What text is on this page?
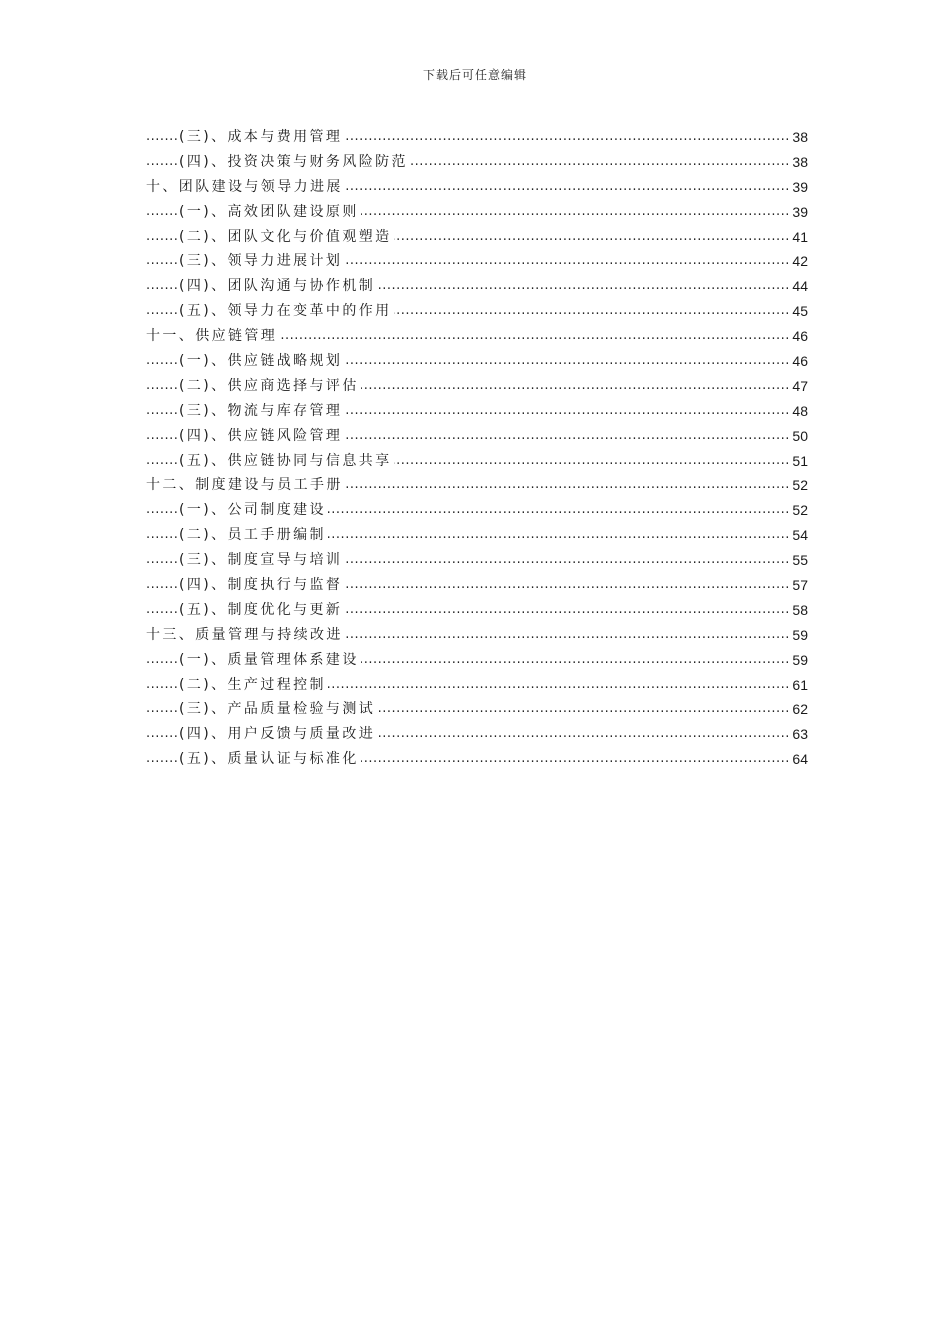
下载后可任意编辑
(三)、成本与费用管理	38
.....
(四)、投资决策与财务风险防范	38
.....
十、团队建设与领导力进展	39
.....
(一)、高效团队建设原则	39
.....
(二)、团队文化与价值观塑造	41
.....
(三)、领导力进展计划	42
.....
(四)、团队沟通与协作机制	44
.....
(五)、领导力在变革中的作用	45
.....
十一、供应链管理	46
.....
(一)、供应链战略规划	46
.....
(二)、供应商选择与评估	47
.....
(三)、物流与库存管理	48
.....
(四)、供应链风险管理	50
.....
(五)、供应链协同与信息共享	51
.....
十二、制度建设与员工手册	52
.....
(一)、公司制度建设	52
.....
(二)、员工手册编制	54
.....
(三)、制度宣导与培训	55
.....
(四)、制度执行与监督	57
.....
(五)、制度优化与更新	58
.....
十三、质量管理与持续改进	59
.....
(一)、质量管理体系建设	59
.....
(二)、生产过程控制	61
.....
(三)、产品质量检验与测试	62
.....
(四)、用户反馈与质量改进	63
.....
(五)、质量认证与标准化	64
.....
